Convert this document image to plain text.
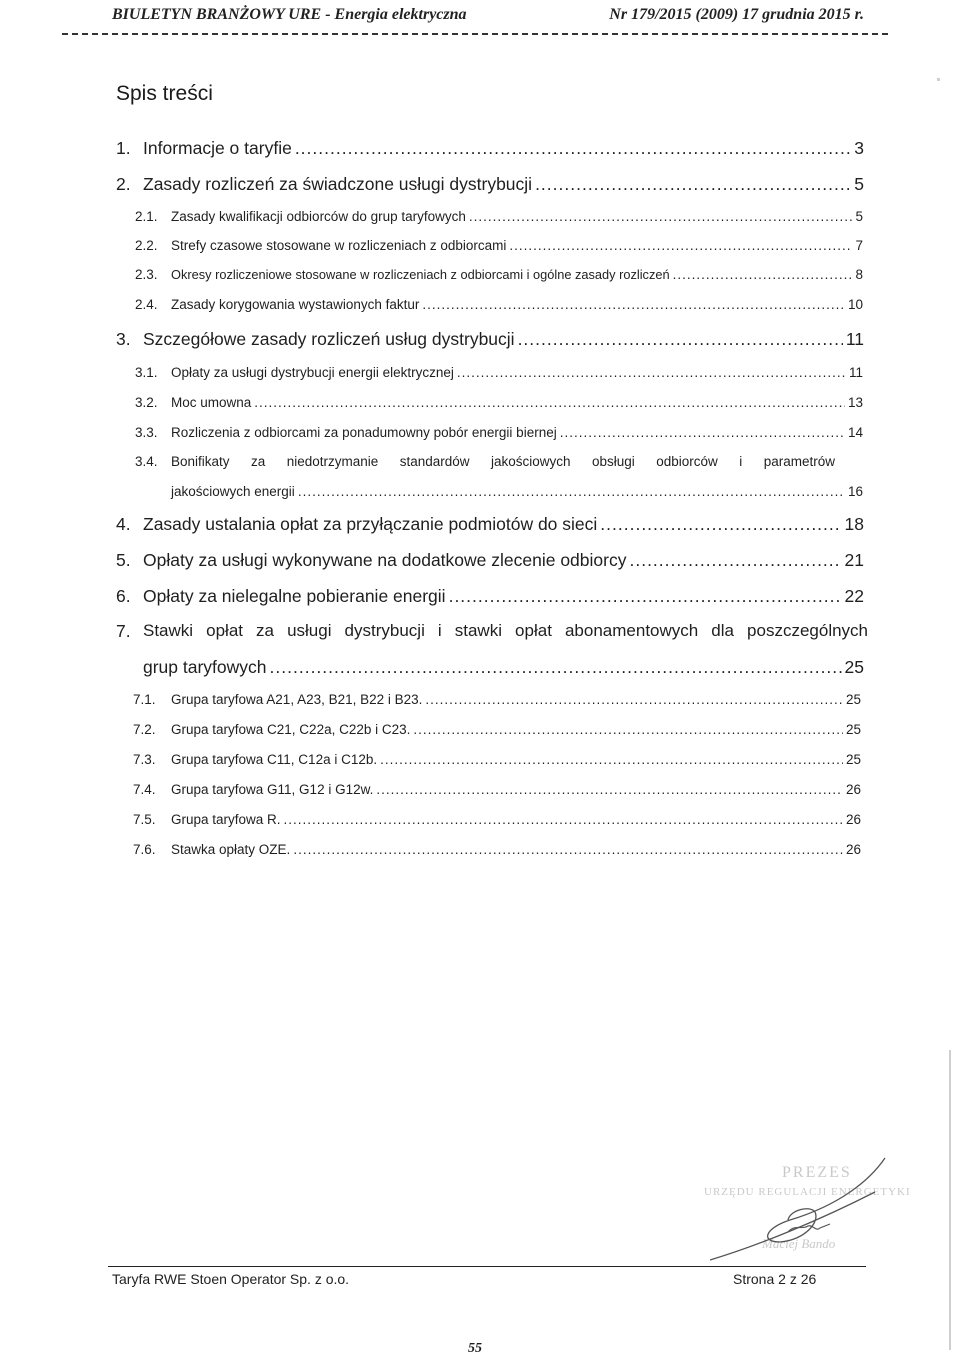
BIULETYN BRANŻOWY URE - Energia elektryczna	Nr 179/2015 (2009) 17 grudnia 2015 r.
Spis treści
1. Informacje o taryfie .....	3
2. Zasady rozliczeń za świadczone usługi dystrybucji .....	5
2.1. Zasady kwalifikacji odbiorców do grup taryfowych .....	5
2.2. Strefy czasowe stosowane w rozliczeniach z odbiorcami .....	7
2.3.	Okresy rozliczeniowe stosowane w rozliczeniach z odbiorcami i ogólne zasady rozliczeń .....	8
2.4. Zasady korygowania wystawionych faktur .....	10
3. Szczegółowe zasady rozliczeń usług dystrybucji .....	11
3.1. Opłaty za usługi dystrybucji energii elektrycznej .....	11
3.2. Moc umowna .....	13
3.3. Rozliczenia z odbiorcami za ponadumowny pobór energii biernej .....	14
3.4. Bonifikaty za niedotrzymanie standardów jakościowych obsługi odbiorców i parametrów
jakościowych energii .....	16
4. Zasady ustalania opłat za przyłączanie podmiotów do sieci .....	18
5. Opłaty za usługi wykonywane na dodatkowe zlecenie odbiorcy .....	21
6. Opłaty za nielegalne pobieranie energii .....	22
7. Stawki opłat za usługi dystrybucji i stawki opłat abonamentowych dla poszczególnych
grup taryfowych .....	25
7.1.	Grupa taryfowa A21, A23, B21, B22 i B23. .....	25
7.2.	Grupa taryfowa C21, C22a, C22b i C23. .....	25
7.3.	Grupa taryfowa C11, C12a i C12b. .....	25
7.4.	Grupa taryfowa G11, G12 i G12w. .....	26
7.5.	Grupa taryfowa R. .....	26
7.6.	Stawka opłaty OZE. .....	26
PREZES
URZĘDU REGULACJI ENERGETYKI
Maciej Bando
Taryfa RWE Stoen Operator Sp. z o.o.	Strona 2 z 26
55
